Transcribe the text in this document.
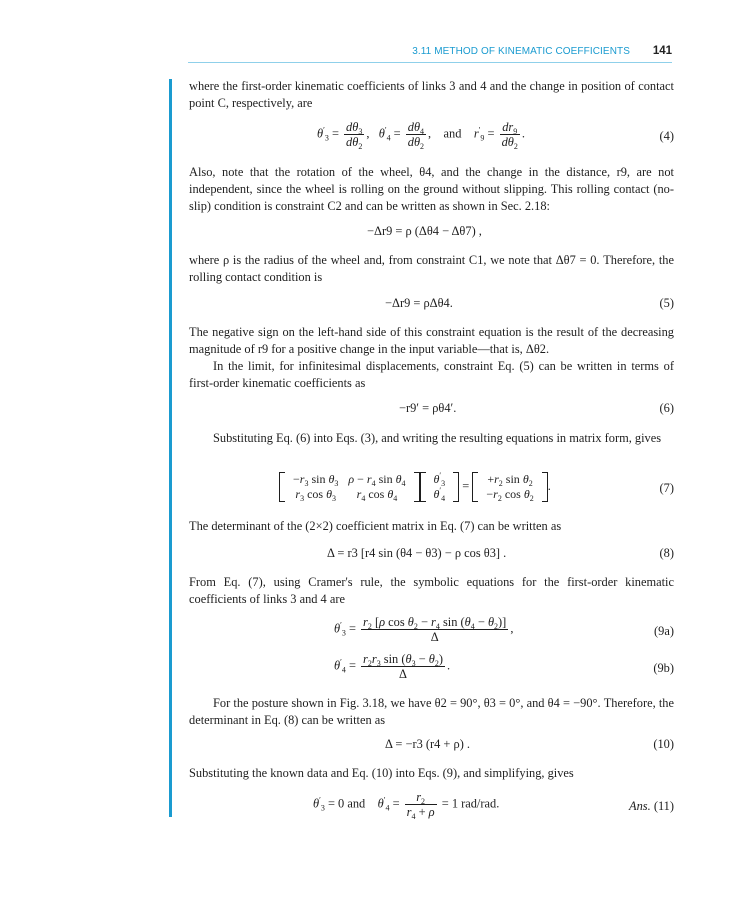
3.11 METHOD OF KINEMATIC COEFFICIENTS 141

where the first-order kinematic coefficients of links 3 and 4 and the change in position of contact point C, respectively, are

$\theta'_3 = \frac{d\theta_3}{d\theta_2}$ ,   $\theta'_4 = \frac{d\theta_4}{d\theta_2}$ ,    and $r'_9 = \frac{dr_9}{d\theta_2}$ .	(4)

Also, note that the rotation of the wheel, θ4, and the change in the distance, r9, are not independent, since the wheel is rolling on the ground without slipping. This rolling contact (no-slip) condition is constraint C2 and can be written as shown in Sec. 2.18:

−Δr9 = ρ (Δθ4 − Δθ7) ,

where ρ is the radius of the wheel and, from constraint C1, we note that Δθ7 = 0. Therefore, the rolling contact condition is

−Δr9 = ρΔθ4.	(5)

The negative sign on the left-hand side of this constraint equation is the result of the decreasing magnitude of r9 for a positive change in the input variable—that is, Δθ2.

In the limit, for infinitesimal displacements, constraint Eq. (5) can be written in terms of first-order kinematic coefficients as

−r9′ = ρθ4′.	(6)

Substituting Eq. (6) into Eqs. (3), and writing the resulting equations in matrix form, gives

$-r_3$ $\sin \theta_3$	$\rho - r_4$ $\sin \theta_4$
$r_3$ $\cos \theta_3$	$r_4$ $\cos \theta_4$
$\theta'_3$
$\theta'_4$
= $+r_2$ $\sin \theta_2$
$-r_2$ $\cos \theta_2$
.	(7)

The determinant of the (2×2) coefficient matrix in Eq. (7) can be written as

Δ = r3 [r4 sin (θ4 − θ3) − ρ cos θ3] .	(8)

From Eq. (7), using Cramer's rule, the symbolic equations for the first-order kinematic coefficients of links 3 and 4 are

$\theta'_3 = \frac{r_2 [\rho \cos \theta_2 - r_4 \sin (\theta_4 - \theta_2)]}{\Delta}$ ,	(9a)
$\theta'_4 = \frac{r_2r_3 \sin (\theta_3 - \theta_2)}{\Delta}$ .	(9b)

For the posture shown in Fig. 3.18, we have θ2 = 90°, θ3 = 0°, and θ4 = −90°. Therefore, the determinant in Eq. (8) can be written as

Δ = −r3 (r4 + ρ) .	(10)

Substituting the known data and Eq. (10) into Eqs. (9), and simplifying, gives

$\theta'_3 = 0$ and $\theta'_4 = \frac{r_2}{r_4 + \rho} = 1$ rad/rad.	Ans. (11)
